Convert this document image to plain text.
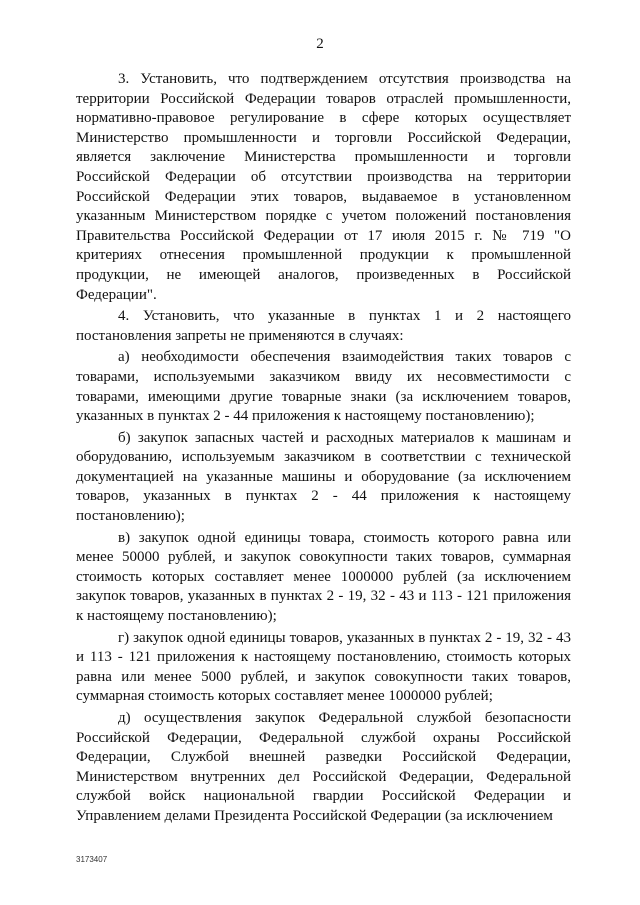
2

3. Установить, что подтверждением отсутствия производства на территории Российской Федерации товаров отраслей промышленности, нормативно-правовое регулирование в сфере которых осуществляет Министерство промышленности и торговли Российской Федерации, является заключение Министерства промышленности и торговли Российской Федерации об отсутствии производства на территории Российской Федерации этих товаров, выдаваемое в установленном указанным Министерством порядке с учетом положений постановления Правительства Российской Федерации от 17 июля 2015 г. № 719 "О критериях отнесения промышленной продукции к промышленной продукции, не имеющей аналогов, произведенных в Российской Федерации".

4. Установить, что указанные в пунктах 1 и 2 настоящего постановления запреты не применяются в случаях:

а) необходимости обеспечения взаимодействия таких товаров с товарами, используемыми заказчиком ввиду их несовместимости с товарами, имеющими другие товарные знаки (за исключением товаров, указанных в пунктах 2 - 44 приложения к настоящему постановлению);

б) закупок запасных частей и расходных материалов к машинам и оборудованию, используемым заказчиком в соответствии с технической документацией на указанные машины и оборудование (за исключением товаров, указанных в пунктах 2 - 44 приложения к настоящему постановлению);

в) закупок одной единицы товара, стоимость которого равна или менее 50000 рублей, и закупок совокупности таких товаров, суммарная стоимость которых составляет менее 1000000 рублей (за исключением закупок товаров, указанных в пунктах 2 - 19, 32 - 43 и 113 - 121 приложения к настоящему постановлению);

г) закупок одной единицы товаров, указанных в пунктах 2 - 19, 32 - 43 и 113 - 121 приложения к настоящему постановлению, стоимость которых равна или менее 5000 рублей, и закупок совокупности таких товаров, суммарная стоимость которых составляет менее 1000000 рублей;

д) осуществления закупок Федеральной службой безопасности Российской Федерации, Федеральной службой охраны Российской Федерации, Службой внешней разведки Российской Федерации, Министерством внутренних дел Российской Федерации, Федеральной службой войск национальной гвардии Российской Федерации и Управлением делами Президента Российской Федерации (за исключением

3173407
